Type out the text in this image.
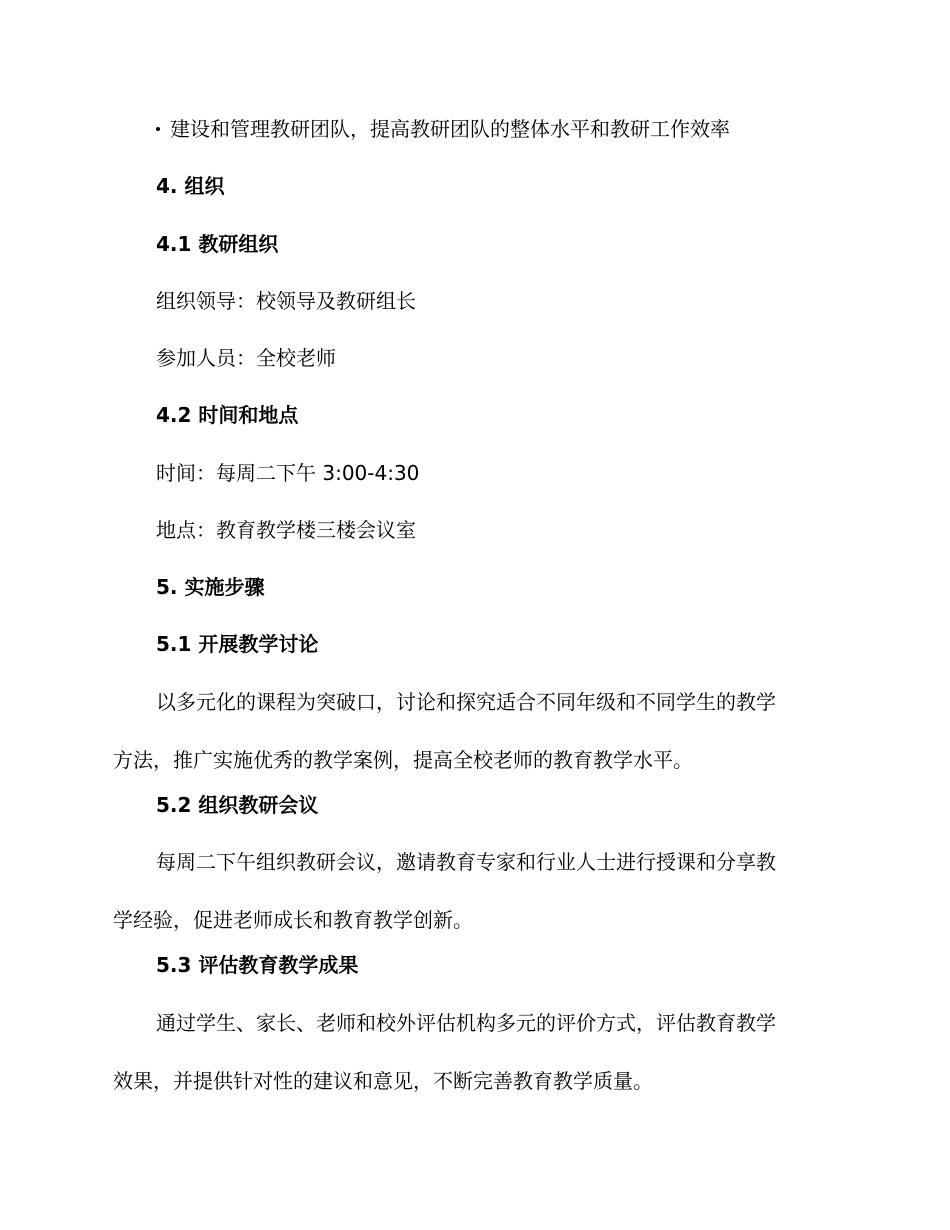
建设和管理教研团队，提高教研团队的整体水平和教研工作效率
4. 组织
4.1 教研组织
组织领导：校领导及教研组长
参加人员：全校老师
4.2 时间和地点
时间：每周二下午 3:00-4:30
地点：教育教学楼三楼会议室
5. 实施步骤
5.1 开展教学讨论
以多元化的课程为突破口，讨论和探究适合不同年级和不同学生的教学
方法，推广实施优秀的教学案例，提高全校老师的教育教学水平。
5.2 组织教研会议
每周二下午组织教研会议，邀请教育专家和行业人士进行授课和分享教
学经验，促进老师成长和教育教学创新。
5.3 评估教育教学成果
通过学生、家长、老师和校外评估机构多元的评价方式，评估教育教学
效果，并提供针对性的建议和意见，不断完善教育教学质量。
